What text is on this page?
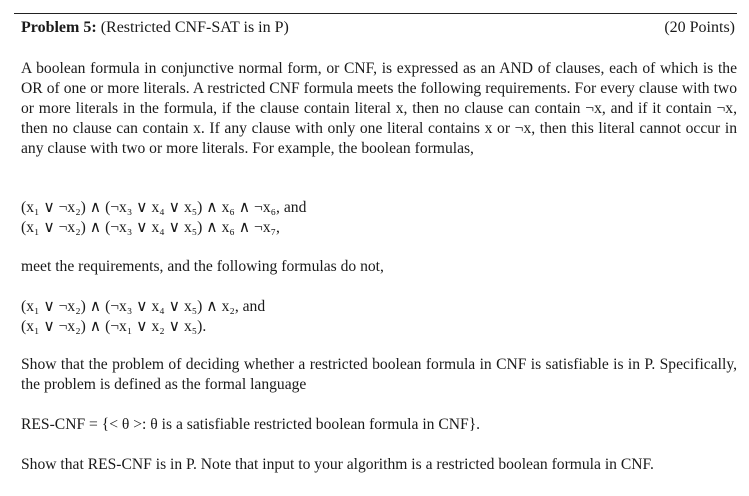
Problem 5: (Restricted CNF-SAT is in P)	(20 Points)

A boolean formula in conjunctive normal form, or CNF, is expressed as an AND of clauses, each of which is the OR of one or more literals. A restricted CNF formula meets the following requirements. For every clause with two or more literals in the formula, if the clause contain literal x, then no clause can contain ¬x, and if it contain ¬x, then no clause can contain x. If any clause with only one literal contains x or ¬x, then this literal cannot occur in any clause with two or more literals. For example, the boolean formulas,

(x₁ ∨ ¬x₂) ∧ (¬x₃ ∨ x₄ ∨ x₅) ∧ x₆ ∧ ¬x₆, and
(x₁ ∨ ¬x₂) ∧ (¬x₃ ∨ x₄ ∨ x₅) ∧ x₆ ∧ ¬x₇,

meet the requirements, and the following formulas do not,

(x₁ ∨ ¬x₂) ∧ (¬x₃ ∨ x₄ ∨ x₅) ∧ x₂, and
(x₁ ∨ ¬x₂) ∧ (¬x₁ ∨ x₂ ∨ x₅).

Show that the problem of deciding whether a restricted boolean formula in CNF is satisfiable is in P. Specifically, the problem is defined as the formal language

RES-CNF = {< θ >: θ is a satisfiable restricted boolean formula in CNF}.

Show that RES-CNF is in P. Note that input to your algorithm is a restricted boolean formula in CNF.
